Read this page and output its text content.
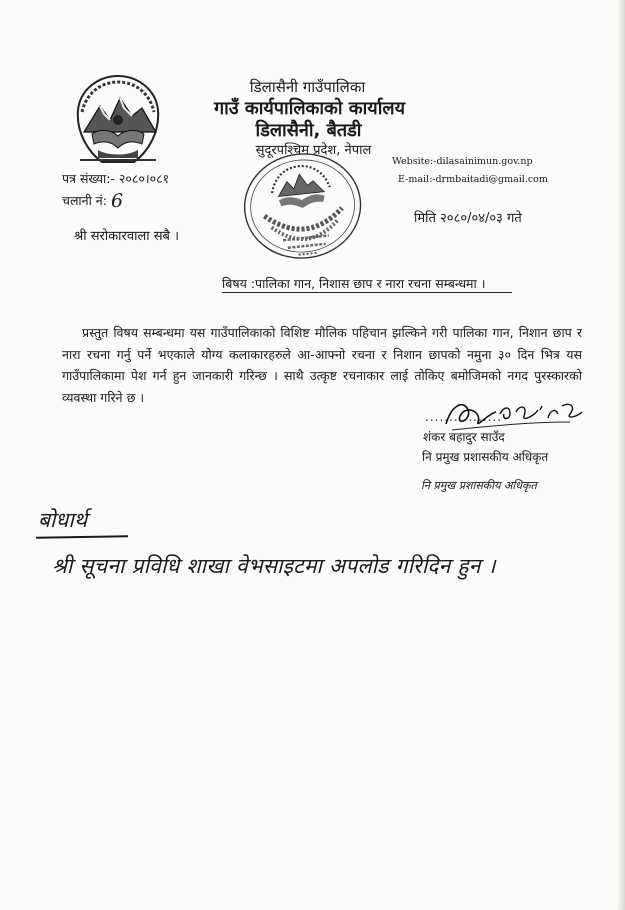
डिलासैनी गाउँपालिका
गाउँ कार्यपालिकाको कार्यालय
डिलासैनी, बैतडी
सुदूरपश्चिम प्रदेश, नेपाल
Website:-dilasainimun.gov.np
E-mail:-drmbaitadi@gmail.com
पत्र संख्या:- २०८०।०८१
चलानी नं: 6
मिति २०८०/०४/०३ गते
श्री सरोकारवाला सबै ।
बिषय :पालिका गान, निशास छाप र नारा रचना सम्बन्धमा ।
प्रस्तुत विषय सम्बन्धमा यस गाउँपालिकाको विशिष्ट मौलिक पहिचान झल्किने गरी पालिका गान, निशान छाप र नारा रचना गर्नु पर्ने भएकाले योग्य कलाकारहरुले आ-आफ्नो रचना र निशान छापको नमुना ३० दिन भित्र यस गाउँपालिकामा पेश गर्न हुन जानकारी गरिन्छ । साथै उत्कृष्ट रचनाकार लाई तोकिए बमोजिमको नगद पुरस्कारको व्यवस्था गरिने छ ।
................
शंकर बहादुर साउँद
नि प्रमुख प्रशासकीय अधिकृत
नि प्रमुख प्रशासकीय अधिकृत
बोधार्थ
श्री सूचना प्रविधि शाखा वेभसाइटमा अपलोड गरिदिन हुन ।
